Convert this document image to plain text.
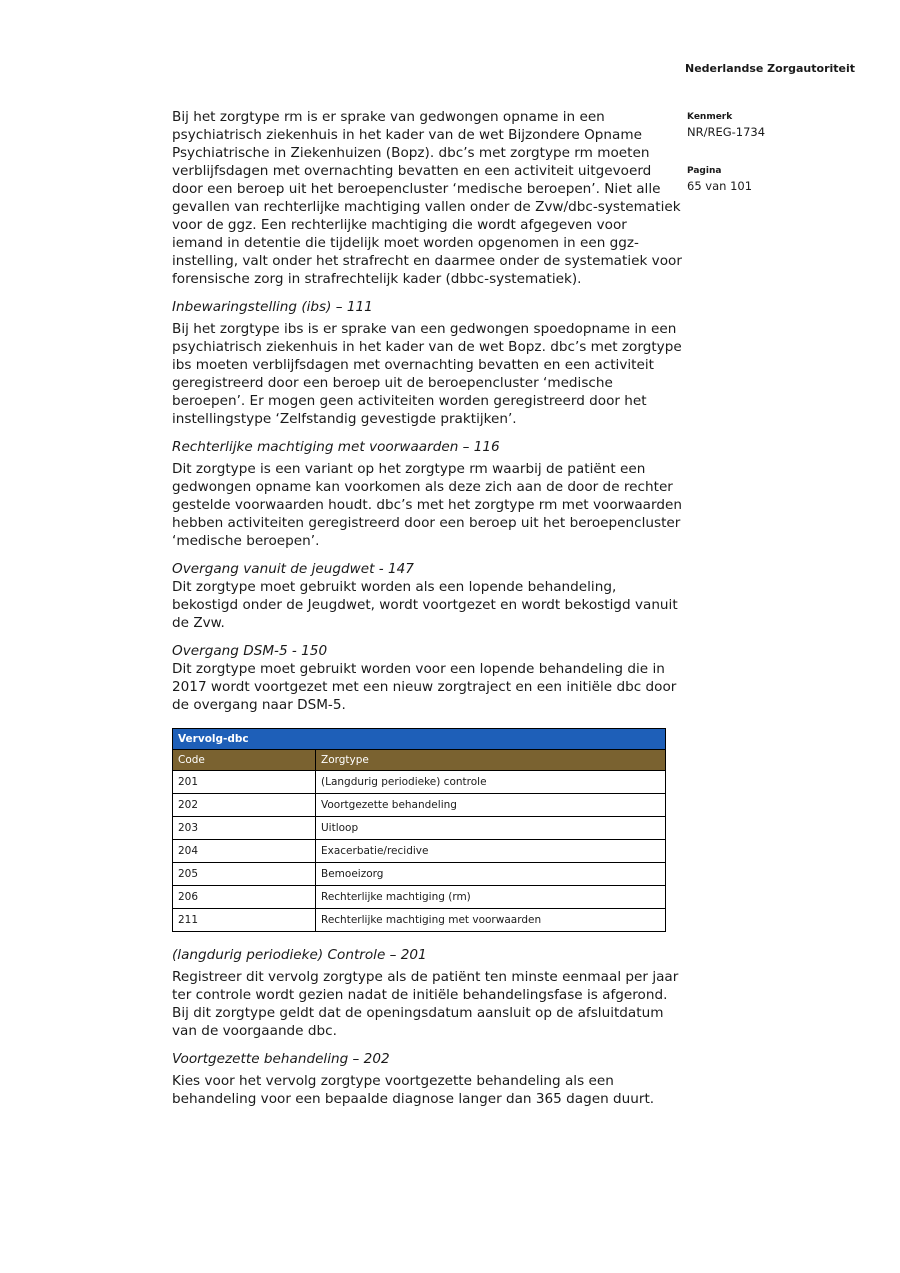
Nederlandse Zorgautoriteit
Kenmerk
NR/REG-1734
Pagina
65 van 101

Bij het zorgtype rm is er sprake van gedwongen opname in een psychiatrisch ziekenhuis in het kader van de wet Bijzondere Opname Psychiatrische in Ziekenhuizen (Bopz). dbc’s met zorgtype rm moeten verblijfsdagen met overnachting bevatten en een activiteit uitgevoerd door een beroep uit het beroepencluster ‘medische beroepen’. Niet alle gevallen van rechterlijke machtiging vallen onder de Zvw/dbc-systematiek voor de ggz. Een rechterlijke machtiging die wordt afgegeven voor iemand in detentie die tijdelijk moet worden opgenomen in een ggz-instelling, valt onder het strafrecht en daarmee onder de systematiek voor forensische zorg in strafrechtelijk kader (dbbc-systematiek).

Inbewaringstelling (ibs) – 111

Bij het zorgtype ibs is er sprake van een gedwongen spoedopname in een psychiatrisch ziekenhuis in het kader van de wet Bopz. dbc’s met zorgtype ibs moeten verblijfsdagen met overnachting bevatten en een activiteit geregistreerd door een beroep uit de beroepencluster ‘medische beroepen’. Er mogen geen activiteiten worden geregistreerd door het instellingstype ‘Zelfstandig gevestigde praktijken’.

Rechterlijke machtiging met voorwaarden – 116

Dit zorgtype is een variant op het zorgtype rm waarbij de patiënt een gedwongen opname kan voorkomen als deze zich aan de door de rechter gestelde voorwaarden houdt. dbc’s met het zorgtype rm met voorwaarden hebben activiteiten geregistreerd door een beroep uit het beroepencluster ‘medische beroepen’.

Overgang vanuit de jeugdwet - 147

Dit zorgtype moet gebruikt worden als een lopende behandeling, bekostigd onder de Jeugdwet, wordt voortgezet en wordt bekostigd vanuit de Zvw.

Overgang DSM-5 - 150

Dit zorgtype moet gebruikt worden voor een lopende behandeling die in 2017 wordt voortgezet met een nieuw zorgtraject en een initiële dbc door de overgang naar DSM-5.

Vervolg-dbc	
Code	Zorgtype
201	(Langdurig periodieke) controle
202	Voortgezette behandeling
203	Uitloop
204	Exacerbatie/recidive
205	Bemoeizorg
206	Rechterlijke machtiging (rm)
211	Rechterlijke machtiging met voorwaarden
(langdurig periodieke) Controle – 201

Registreer dit vervolg zorgtype als de patiënt ten minste eenmaal per jaar ter controle wordt gezien nadat de initiële behandelingsfase is afgerond. Bij dit zorgtype geldt dat de openingsdatum aansluit op de afsluitdatum van de voorgaande dbc.

Voortgezette behandeling – 202

Kies voor het vervolg zorgtype voortgezette behandeling als een behandeling voor een bepaalde diagnose langer dan 365 dagen duurt.
